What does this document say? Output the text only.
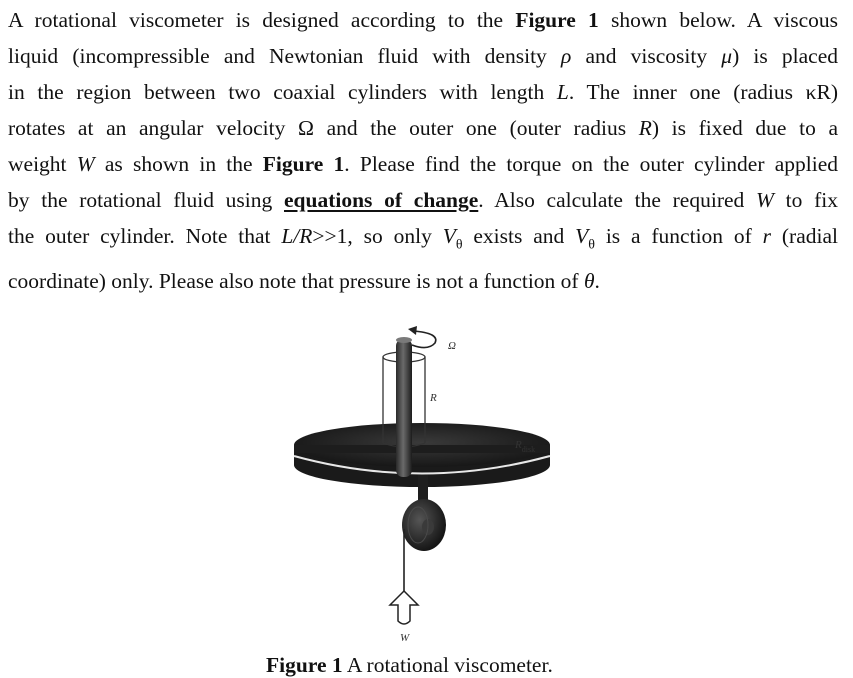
A rotational viscometer is designed according to the Figure 1 shown below. A viscous
liquid (incompressible and Newtonian fluid with density ρ and viscosity μ) is placed
in the region between two coaxial cylinders with length L. The inner one (radius κR)
rotates at an angular velocity Ω and the outer one (outer radius R) is fixed due to a
weight W as shown in the Figure 1. Please find the torque on the outer cylinder applied
by the rotational fluid using equations of change. Also calculate the required W to fix
the outer cylinder. Note that L/R>>1, so only $V_\theta$ exists and $V_\theta$ is a function of r (radial
coordinate) only. Please also note that pressure is not a function of θ.
Ω
R
$R_{disk}$
W
Figure 1 A rotational viscometer.
